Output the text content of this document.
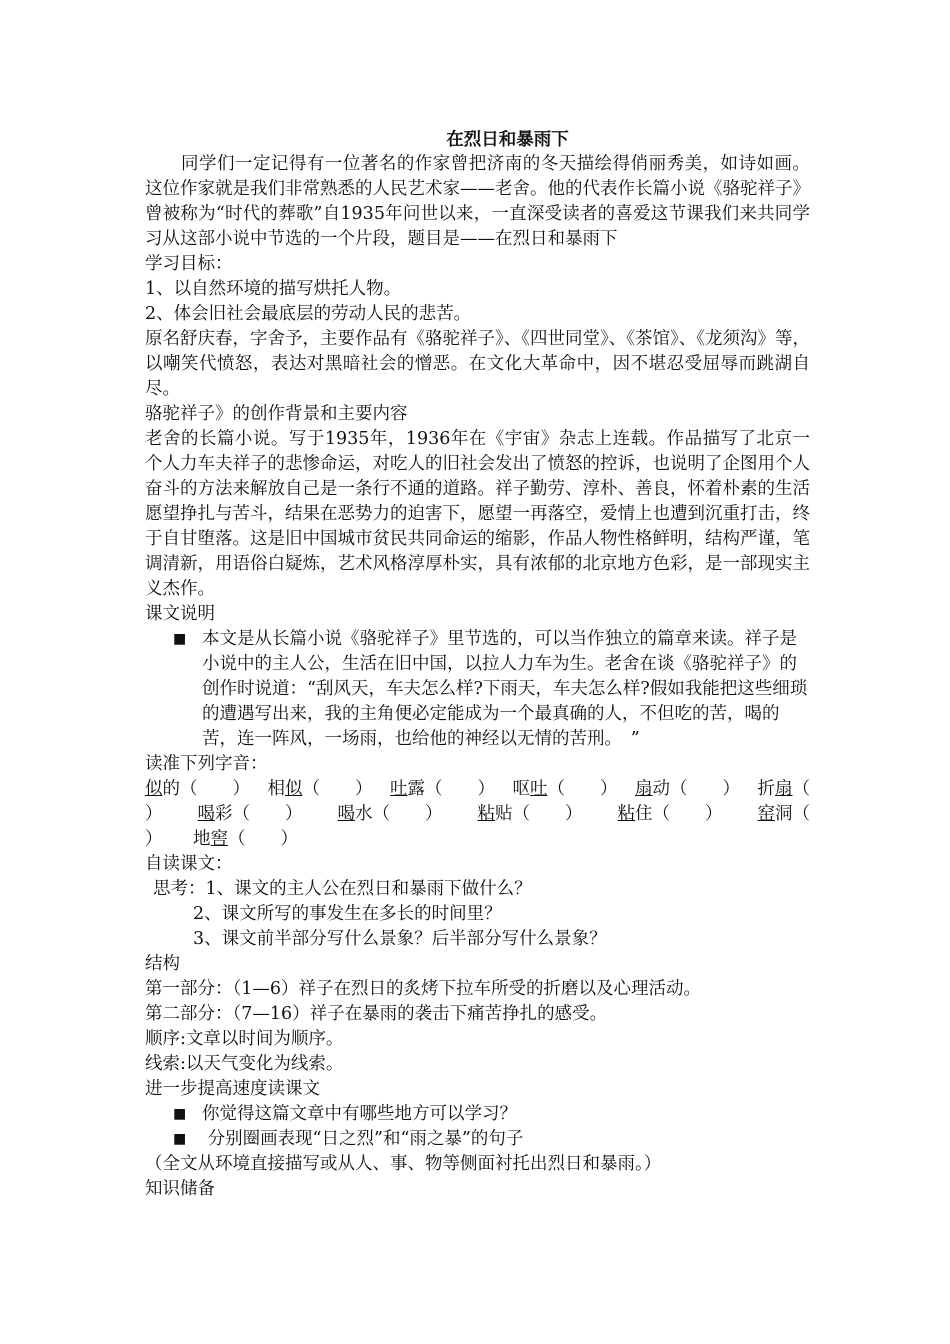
在烈日和暴雨下

同学们一定记得有一位著名的作家曾把济南的冬天描绘得俏丽秀美，如诗如画。这位作家就是我们非常熟悉的人民艺术家——老舍。他的代表作长篇小说《骆驼祥子》曾被称为“时代的葬歌”自1935年问世以来，一直深受读者的喜爱这节课我们来共同学习从这部小说中节选的一个片段，题目是——在烈日和暴雨下

学习目标：

1、以自然环境的描写烘托人物。

2、体会旧社会最底层的劳动人民的悲苦。

原名舒庆春，字舍予，主要作品有《骆驼祥子》、《四世同堂》、《茶馆》、《龙须沟》等，以嘲笑代愤怒，表达对黑暗社会的憎恶。在文化大革命中，因不堪忍受屈辱而跳湖自尽。

骆驼祥子》的创作背景和主要内容

老舍的长篇小说。写于1935年，1936年在《宇宙》杂志上连载。作品描写了北京一个人力车夫祥子的悲惨命运，对吃人的旧社会发出了愤怒的控诉，也说明了企图用个人奋斗的方法来解放自己是一条行不通的道路。祥子勤劳、淳朴、善良，怀着朴素的生活愿望挣扎与苦斗，结果在恶势力的迫害下，愿望一再落空，爱情上也遭到沉重打击，终于自甘堕落。这是旧中国城市贫民共同命运的缩影，作品人物性格鲜明，结构严谨，笔调清新，用语俗白疑炼，艺术风格淳厚朴实，具有浓郁的北京地方色彩，是一部现实主义杰作。

课文说明

■ 本文是从长篇小说《骆驼祥子》里节选的，可以当作独立的篇章来读。祥子是小说中的主人公，生活在旧中国，以拉人力车为生。老舍在谈《骆驼祥子》的创作时说道：“刮风天，车夫怎么样?下雨天，车夫怎么样?假如我能把这些细琐的遭遇写出来，我的主角便必定能成为一个最真确的人，不但吃的苦，喝的苦，连一阵风，一场雨，也给他的神经以无情的苦刑。　”

读准下列字音：

似的（　　） 相似（　　） 吐露（　　） 呕吐（　　） 扇动（　　） 折扇（
） 喝彩（　　） 喝水（　　） 粘贴（　　） 粘住（　　） 窑洞（
）	地窖（　　）

自读课文：

思考：1、课文的主人公在烈日和暴雨下做什么？

2、课文所写的事发生在多长的时间里？

3、课文前半部分写什么景象？后半部分写什么景象？

结构

第一部分：（1—6）祥子在烈日的炙烤下拉车所受的折磨以及心理活动。

第二部分：（7—16）祥子在暴雨的袭击下痛苦挣扎的感受。

顺序:文章以时间为顺序。

线索:以天气变化为线索。

进一步提高速度读课文

■ 你觉得这篇文章中有哪些地方可以学习？
■ 分别圈画表现“日之烈”和“雨之暴”的句子

（全文从环境直接描写或从人、事、物等侧面衬托出烈日和暴雨。）

知识储备
